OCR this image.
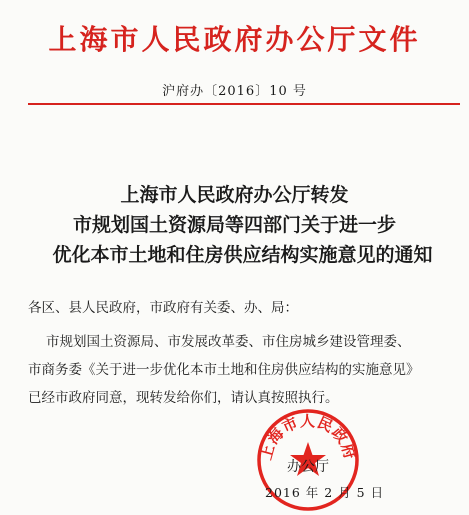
上海市人民政府办公厅文件
沪府办〔2016〕10 号
上海市人民政府办公厅转发
市规划国土资源局等四部门关于进一步
优化本市土地和住房供应结构实施意见的通知
各区、县人民政府，市政府有关委、办、局：
市规划国土资源局、市发展改革委、市住房城乡建设管理委、
市商务委《关于进一步优化本市土地和住房供应结构的实施意见》
已经市政府同意，现转发给你们，请认真按照执行。
上海市人民政府
办公厅
2016 年 2 月 5 日
